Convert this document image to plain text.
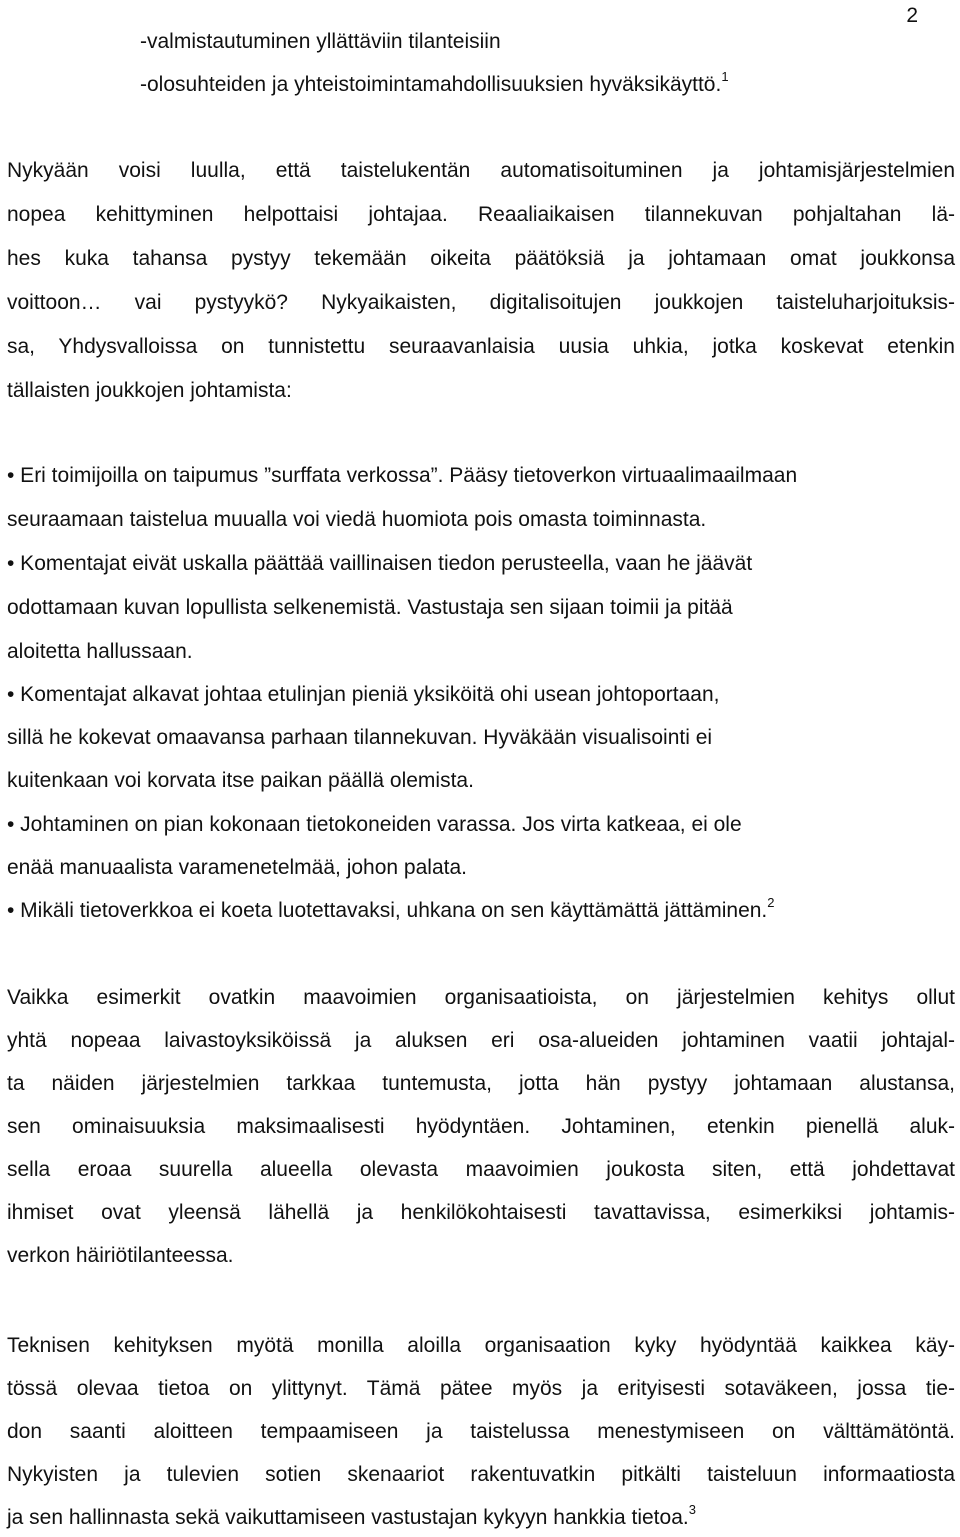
2
-valmistautuminen yllättäviin tilanteisiin
-olosuhteiden ja yhteistoimintamahdollisuuksien hyväksikäyttö.$^1$
Nykyään voisi luulla, että taistelukentän automatisoituminen ja johtamisjärjestelmien
nopea kehittyminen helpottaisi johtajaa. Reaaliaikaisen tilannekuvan pohjaltahan lä-
hes kuka tahansa pystyy tekemään oikeita päätöksiä ja johtamaan omat joukkonsa
voittoon… vai pystyykö? Nykyaikaisten, digitalisoitujen joukkojen taisteluharjoituksis-
sa, Yhdysvalloissa on tunnistettu seuraavanlaisia uusia uhkia, jotka koskevat etenkin
tällaisten joukkojen johtamista:
• Eri toimijoilla on taipumus ”surffata verkossa”. Pääsy tietoverkon virtuaalimaailmaan
seuraamaan taistelua muualla voi viedä huomiota pois omasta toiminnasta.
• Komentajat eivät uskalla päättää vaillinaisen tiedon perusteella, vaan he jäävät
odottamaan kuvan lopullista selkenemistä. Vastustaja sen sijaan toimii ja pitää
aloitetta hallussaan.
• Komentajat alkavat johtaa etulinjan pieniä yksiköitä ohi usean johtoportaan,
sillä he kokevat omaavansa parhaan tilannekuvan. Hyväkään visualisointi ei
kuitenkaan voi korvata itse paikan päällä olemista.
• Johtaminen on pian kokonaan tietokoneiden varassa. Jos virta katkeaa, ei ole
enää manuaalista varamenetelmää, johon palata.
• Mikäli tietoverkkoa ei koeta luotettavaksi, uhkana on sen käyttämättä jättäminen.$^2$
Vaikka esimerkit ovatkin maavoimien organisaatioista, on järjestelmien kehitys ollut
yhtä nopeaa laivastoyksiköissä ja aluksen eri osa-alueiden johtaminen vaatii johtajal-
ta näiden järjestelmien tarkkaa tuntemusta, jotta hän pystyy johtamaan alustansa,
sen ominaisuuksia maksimaalisesti hyödyntäen. Johtaminen, etenkin pienellä aluk-
sella eroaa suurella alueella olevasta maavoimien joukosta siten, että johdettavat
ihmiset ovat yleensä lähellä ja henkilökohtaisesti tavattavissa, esimerkiksi johtamis-
verkon häiriötilanteessa.
Teknisen kehityksen myötä monilla aloilla organisaation kyky hyödyntää kaikkea käy-
tössä olevaa tietoa on ylittynyt. Tämä pätee myös ja erityisesti sotaväkeen, jossa tie-
don saanti aloitteen tempaamiseen ja taistelussa menestymiseen on välttämätöntä.
Nykyisten ja tulevien sotien skenaariot rakentuvatkin pitkälti taisteluun informaatiosta
ja sen hallinnasta sekä vaikuttamiseen vastustajan kykyyn hankkia tietoa.$^3$
